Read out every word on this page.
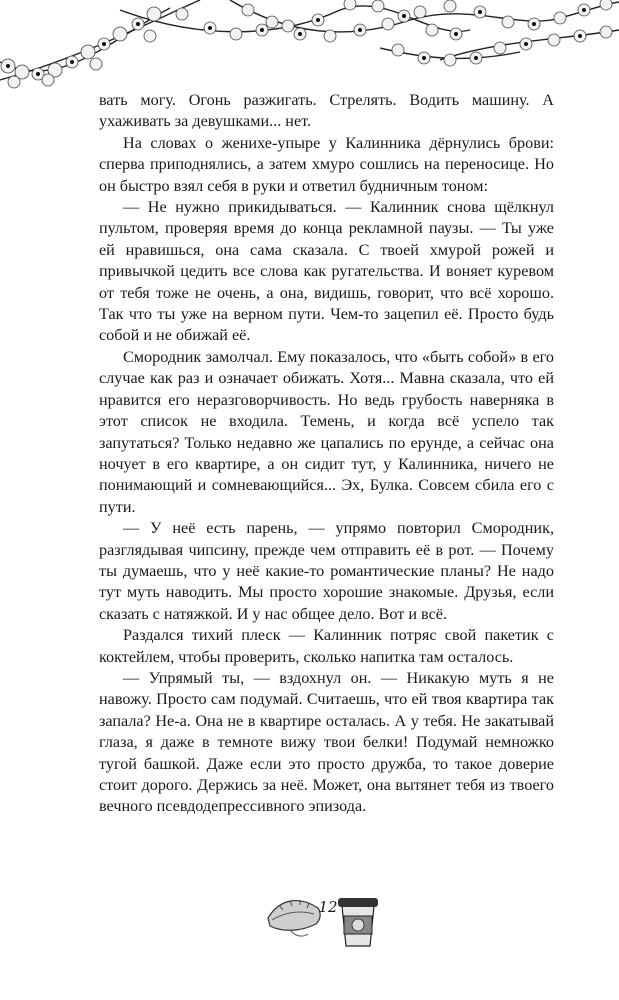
вать могу. Огонь разжигать. Стрелять. Водить машину. А ухаживать за девушками... нет.

На словах о женихе-упыре у Калинника дёрнулись брови: сперва приподнялись, а затем хмуро сошлись на переносице. Но он быстро взял себя в руки и ответил будничным тоном:

— Не нужно прикидываться. — Калинник снова щёлкнул пультом, проверяя время до конца рекламной паузы. — Ты уже ей нравишься, она сама сказала. С твоей хмурой рожей и привычкой цедить все слова как ругательства. И воняет куревом от тебя тоже не очень, а она, видишь, говорит, что всё хорошо. Так что ты уже на верном пути. Чем-то зацепил её. Просто будь собой и не обижай её.

Смородник замолчал. Ему показалось, что «быть собой» в его случае как раз и означает обижать. Хотя... Мавна сказала, что ей нравится его неразговорчивость. Но ведь грубость наверняка в этот список не входила. Темень, и когда всё успело так запутаться? Только недавно же цапались по ерунде, а сейчас она ночует в его квартире, а он сидит тут, у Калинника, ничего не понимающий и сомневающийся... Эх, Булка. Совсем сбила его с пути.

— У неё есть парень, — упрямо повторил Смородник, разглядывая чипсину, прежде чем отправить её в рот. — Почему ты думаешь, что у неё какие-то романтические планы? Не надо тут муть наводить. Мы просто хорошие знакомые. Друзья, если сказать с натяжкой. И у нас общее дело. Вот и всё.

Раздался тихий плеск — Калинник потряс свой пакетик с коктейлем, чтобы проверить, сколько напитка там осталось.

— Упрямый ты, — вздохнул он. — Никакую муть я не навожу. Просто сам подумай. Считаешь, что ей твоя квартира так запала? Не-а. Она не в квартире осталась. А у тебя. Не закатывай глаза, я даже в темноте вижу твои белки! Подумай немножко тугой башкой. Даже если это просто дружба, то такое доверие стоит дорого. Держись за неё. Может, она вытянет тебя из твоего вечного псевдодепрессивного эпизода.

12
